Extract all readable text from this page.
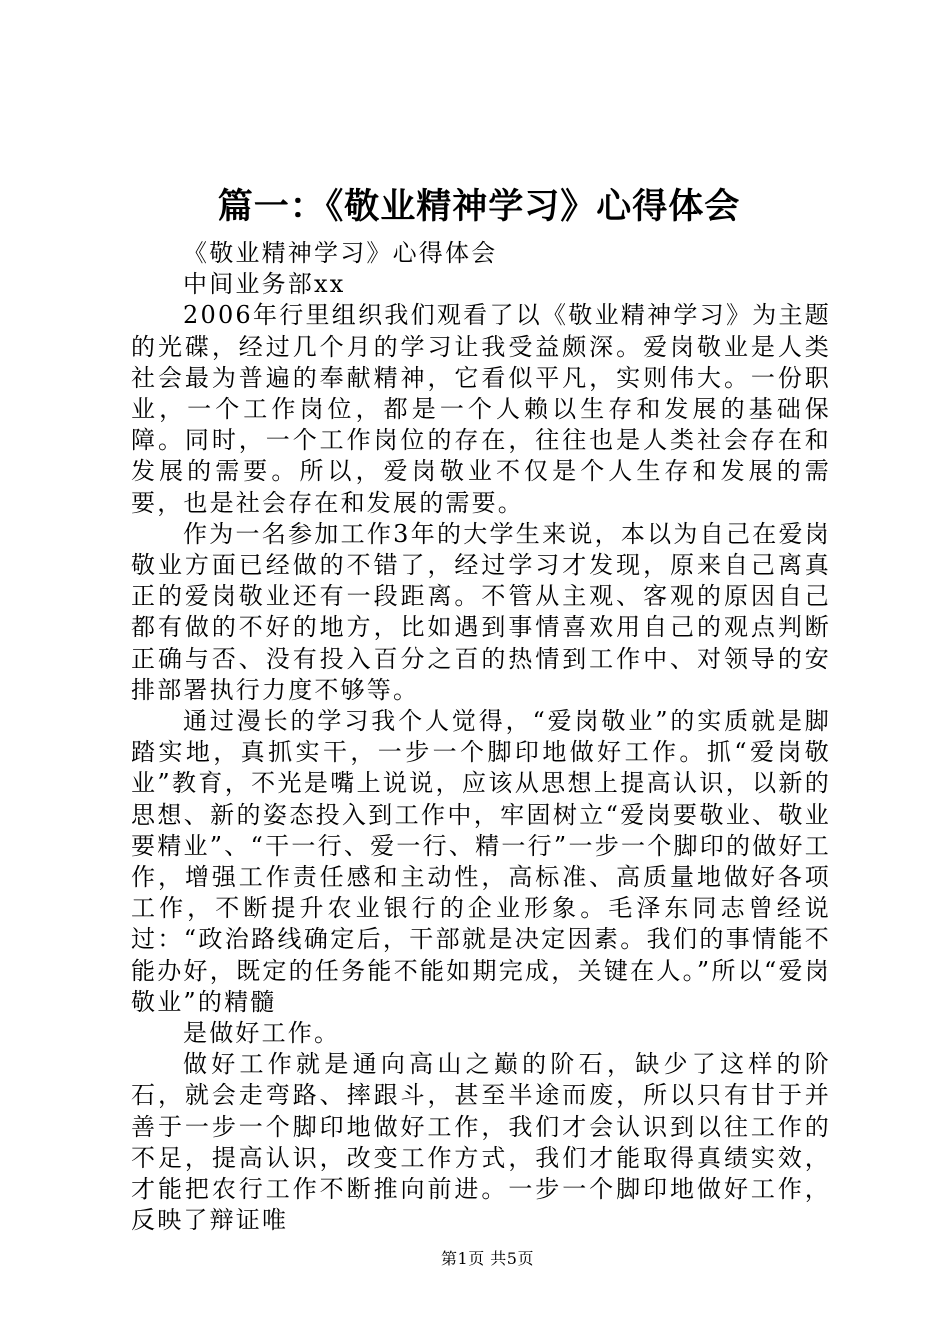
篇一：《敬业精神学习》心得体会

《敬业精神学习》心得体会

中间业务部xx

2006年行里组织我们观看了以《敬业精神学习》为主题的光碟，经过几个月的学习让我受益颇深。爱岗敬业是人类社会最为普遍的奉献精神，它看似平凡，实则伟大。一份职业，一个工作岗位，都是一个人赖以生存和发展的基础保障。同时，一个工作岗位的存在，往往也是人类社会存在和发展的需要。所以，爱岗敬业不仅是个人生存和发展的需要，也是社会存在和发展的需要。

作为一名参加工作3年的大学生来说，本以为自己在爱岗敬业方面已经做的不错了，经过学习才发现，原来自己离真正的爱岗敬业还有一段距离。不管从主观、客观的原因自己都有做的不好的地方，比如遇到事情喜欢用自己的观点判断正确与否、没有投入百分之百的热情到工作中、对领导的安排部署执行力度不够等。

通过漫长的学习我个人觉得，“爱岗敬业”的实质就是脚踏实地，真抓实干，一步一个脚印地做好工作。抓“爱岗敬业”教育，不光是嘴上说说，应该从思想上提高认识，以新的思想、新的姿态投入到工作中，牢固树立“爱岗要敬业、敬业要精业”、“干一行、爱一行、精一行”一步一个脚印的做好工作，增强工作责任感和主动性，高标准、高质量地做好各项工作，不断提升农业银行的企业形象。毛泽东同志曾经说过：“政治路线确定后，干部就是决定因素。我们的事情能不能办好，既定的任务能不能如期完成，关键在人。”所以“爱岗敬业”的精髓

是做好工作。

做好工作就是通向高山之巅的阶石，缺少了这样的阶石，就会走弯路、摔跟斗，甚至半途而废，所以只有甘于并善于一步一个脚印地做好工作，我们才会认识到以往工作的不足，提高认识，改变工作方式，我们才能取得真绩实效，才能把农行工作不断推向前进。一步一个脚印地做好工作，反映了辩证唯

第1页 共5页
